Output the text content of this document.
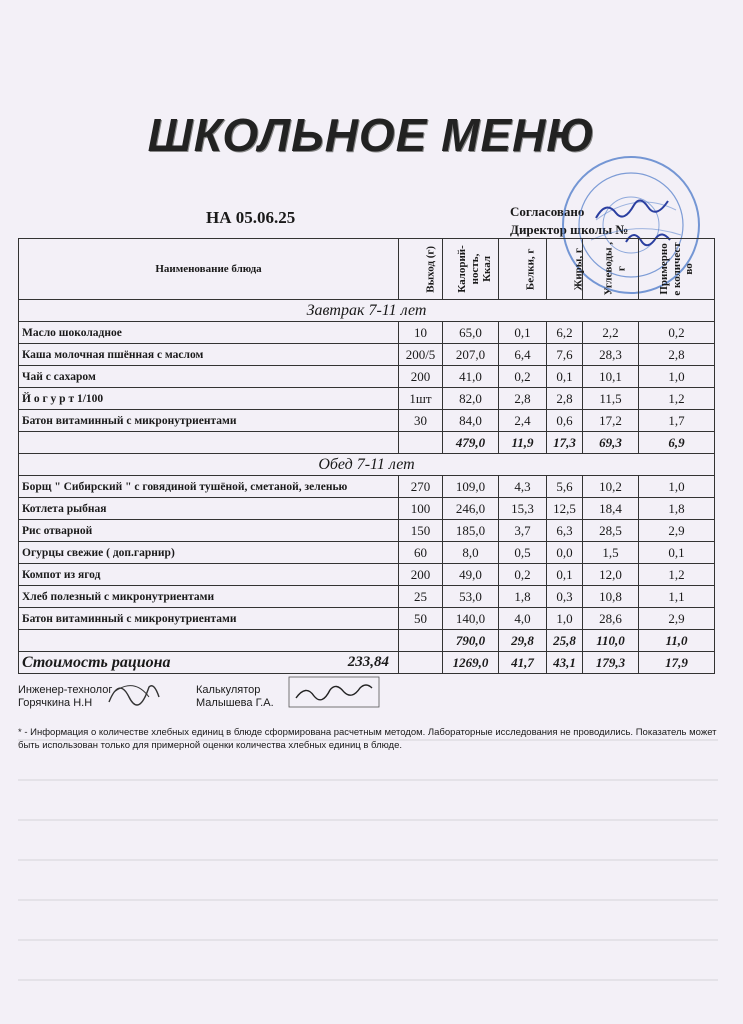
ШКОЛЬНОЕ МЕНЮ
НА 05.06.25	Согласовано
Директор школы №
Наименование блюда	Выход (г)	Калорий-ность, Ккал	Белки, г	Жиры, г	Углеводы , г	Примерно е количест во
Завтрак 7-11 лет						
Масло шоколадное	10	65,0	0,1	6,2	2,2	0,2
Каша молочная пшённая с маслом	200/5	207,0	6,4	7,6	28,3	2,8
Чай с сахаром	200	41,0	0,2	0,1	10,1	1,0
Й о г у р т 1/100	1шт	82,0	2,8	2,8	11,5	1,2
Батон витаминный с микронутриентами	30	84,0	2,4	0,6	17,2	1,7
		479,0	11,9	17,3	69,3	6,9
Обед 7-11 лет						
Борщ " Сибирский " с говядиной тушёной, сметаной, зеленью	270	109,0	4,3	5,6	10,2	1,0
Котлета рыбная	100	246,0	15,3	12,5	18,4	1,8
Рис отварной	150	185,0	3,7	6,3	28,5	2,9
Огурцы свежие ( доп.гарнир)	60	8,0	0,5	0,0	1,5	0,1
Компот из ягод	200	49,0	0,2	0,1	12,0	1,2
Хлеб полезный с микронутриентами	25	53,0	1,8	0,3	10,8	1,1
Батон витаминный с микронутриентами	50	140,0	4,0	1,0	28,6	2,9
		790,0	29,8	25,8	110,0	11,0
Стоимость рациона 233,84		1269,0	41,7	43,1	179,3	17,9
Инженер-технолог
Горячкина Н.Н
Калькулятор
Малышева Г.А.
* - Информация о количестве хлебных единиц в блюде сформирована расчетным методом. Лабораторные исследования не проводились. Показатель может быть использован только для примерной оценки количества хлебных единиц в блюде.
